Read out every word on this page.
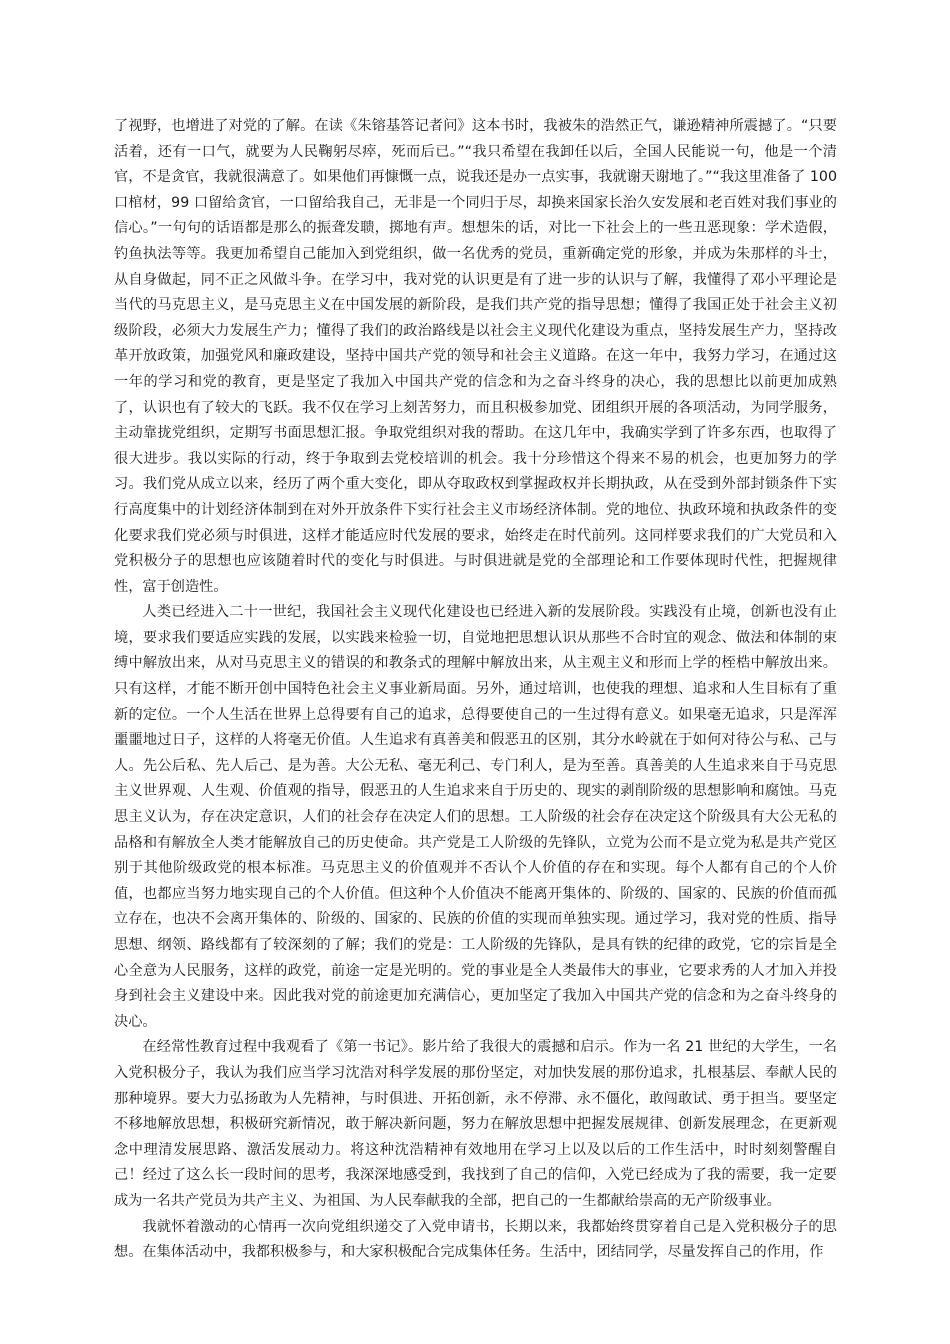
了视野，也增进了对党的了解。在读《朱镕基答记者问》这本书时，我被朱的浩然正气，谦逊精神所震撼了。“只要活着，还有一口气，就要为人民鞠躬尽瘁，死而后已。”“我只希望在我卸任以后，全国人民能说一句，他是一个清官，不是贪官，我就很满意了。如果他们再慷慨一点，说我还是办一点实事，我就谢天谢地了。”“我这里准备了 100 口棺材，99 口留给贪官，一口留给我自己，无非是一个同归于尽，却换来国家长治久安发展和老百姓对我们事业的信心。”一句句的话语都是那么的振聋发聩，掷地有声。想想朱的话，对比一下社会上的一些丑恶现象：学术造假，钓鱼执法等等。我更加希望自己能加入到党组织，做一名优秀的党员，重新确定党的形象，并成为朱那样的斗士，从自身做起，同不正之风做斗争。在学习中，我对党的认识更是有了进一步的认识与了解，我懂得了邓小平理论是当代的马克思主义，是马克思主义在中国发展的新阶段，是我们共产党的指导思想；懂得了我国正处于社会主义初级阶段，必须大力发展生产力；懂得了我们的政治路线是以社会主义现代化建设为重点，坚持发展生产力，坚持改革开放政策，加强党风和廉政建设，坚持中国共产党的领导和社会主义道路。在这一年中，我努力学习，在通过这一年的学习和党的教育，更是坚定了我加入中国共产党的信念和为之奋斗终身的决心，我的思想比以前更加成熟了，认识也有了较大的飞跃。我不仅在学习上刻苦努力，而且积极参加党、团组织开展的各项活动，为同学服务，主动靠拢党组织，定期写书面思想汇报。争取党组织对我的帮助。在这几年中，我确实学到了许多东西，也取得了很大进步。我以实际的行动，终于争取到去党校培训的机会。我十分珍惜这个得来不易的机会，也更加努力的学习。我们党从成立以来，经历了两个重大变化，即从夺取政权到掌握政权并长期执政，从在受到外部封锁条件下实行高度集中的计划经济体制到在对外开放条件下实行社会主义市场经济体制。党的地位、执政环境和执政条件的变化要求我们党必须与时俱进，这样才能适应时代发展的要求，始终走在时代前列。这同样要求我们的广大党员和入党积极分子的思想也应该随着时代的变化与时俱进。与时俱进就是党的全部理论和工作要体现时代性，把握规律性，富于创造性。

人类已经进入二十一世纪，我国社会主义现代化建设也已经进入新的发展阶段。实践没有止境，创新也没有止境，要求我们要适应实践的发展，以实践来检验一切，自觉地把思想认识从那些不合时宜的观念、做法和体制的束缚中解放出来，从对马克思主义的错误的和教条式的理解中解放出来，从主观主义和形而上学的桎梏中解放出来。只有这样，才能不断开创中国特色社会主义事业新局面。另外，通过培训，也使我的理想、追求和人生目标有了重新的定位。一个人生活在世界上总得要有自己的追求，总得要使自己的一生过得有意义。如果毫无追求，只是浑浑噩噩地过日子，这样的人将毫无价值。人生追求有真善美和假恶丑的区别，其分水岭就在于如何对待公与私、己与人。先公后私、先人后己、是为善。大公无私、毫无利己、专门利人，是为至善。真善美的人生追求来自于马克思主义世界观、人生观、价值观的指导，假恶丑的人生追求来自于历史的、现实的剥削阶级的思想影响和腐蚀。马克思主义认为，存在决定意识，人们的社会存在决定人们的思想。工人阶级的社会存在决定这个阶级具有大公无私的品格和有解放全人类才能解放自己的历史使命。共产党是工人阶级的先锋队，立党为公而不是立党为私是共产党区别于其他阶级政党的根本标准。马克思主义的价值观并不否认个人价值的存在和实现。每个人都有自己的个人价值，也都应当努力地实现自己的个人价值。但这种个人价值决不能离开集体的、阶级的、国家的、民族的价值而孤立存在，也决不会离开集体的、阶级的、国家的、民族的价值的实现而单独实现。通过学习，我对党的性质、指导思想、纲领、路线都有了较深刻的了解；我们的党是：工人阶级的先锋队，是具有铁的纪律的政党，它的宗旨是全心全意为人民服务，这样的政党，前途一定是光明的。党的事业是全人类最伟大的事业，它要求秀的人才加入并投身到社会主义建设中来。因此我对党的前途更加充满信心，更加坚定了我加入中国共产党的信念和为之奋斗终身的决心。

在经常性教育过程中我观看了《第一书记》。影片给了我很大的震撼和启示。作为一名 21 世纪的大学生，一名入党积极分子，我认为我们应当学习沈浩对科学发展的那份坚定，对加快发展的那份追求，扎根基层、奉献人民的那种境界。要大力弘扬敢为人先精神，与时俱进、开拓创新，永不停滞、永不僵化，敢闯敢试、勇于担当。要坚定不移地解放思想，积极研究新情况，敢于解决新问题，努力在解放思想中把握发展规律、创新发展理念，在更新观念中理清发展思路、激活发展动力。将这种沈浩精神有效地用在学习上以及以后的工作生活中，时时刻刻警醒自己！经过了这么长一段时间的思考，我深深地感受到，我找到了自己的信仰，入党已经成为了我的需要，我一定要成为一名共产党员为共产主义、为祖国、为人民奉献我的全部，把自己的一生都献给崇高的无产阶级事业。

我就怀着激动的心情再一次向党组织递交了入党申请书，长期以来，我都始终贯穿着自己是入党积极分子的思想。在集体活动中，我都积极参与，和大家积极配合完成集体任务。生活中，团结同学，尽量发挥自己的作用，作
